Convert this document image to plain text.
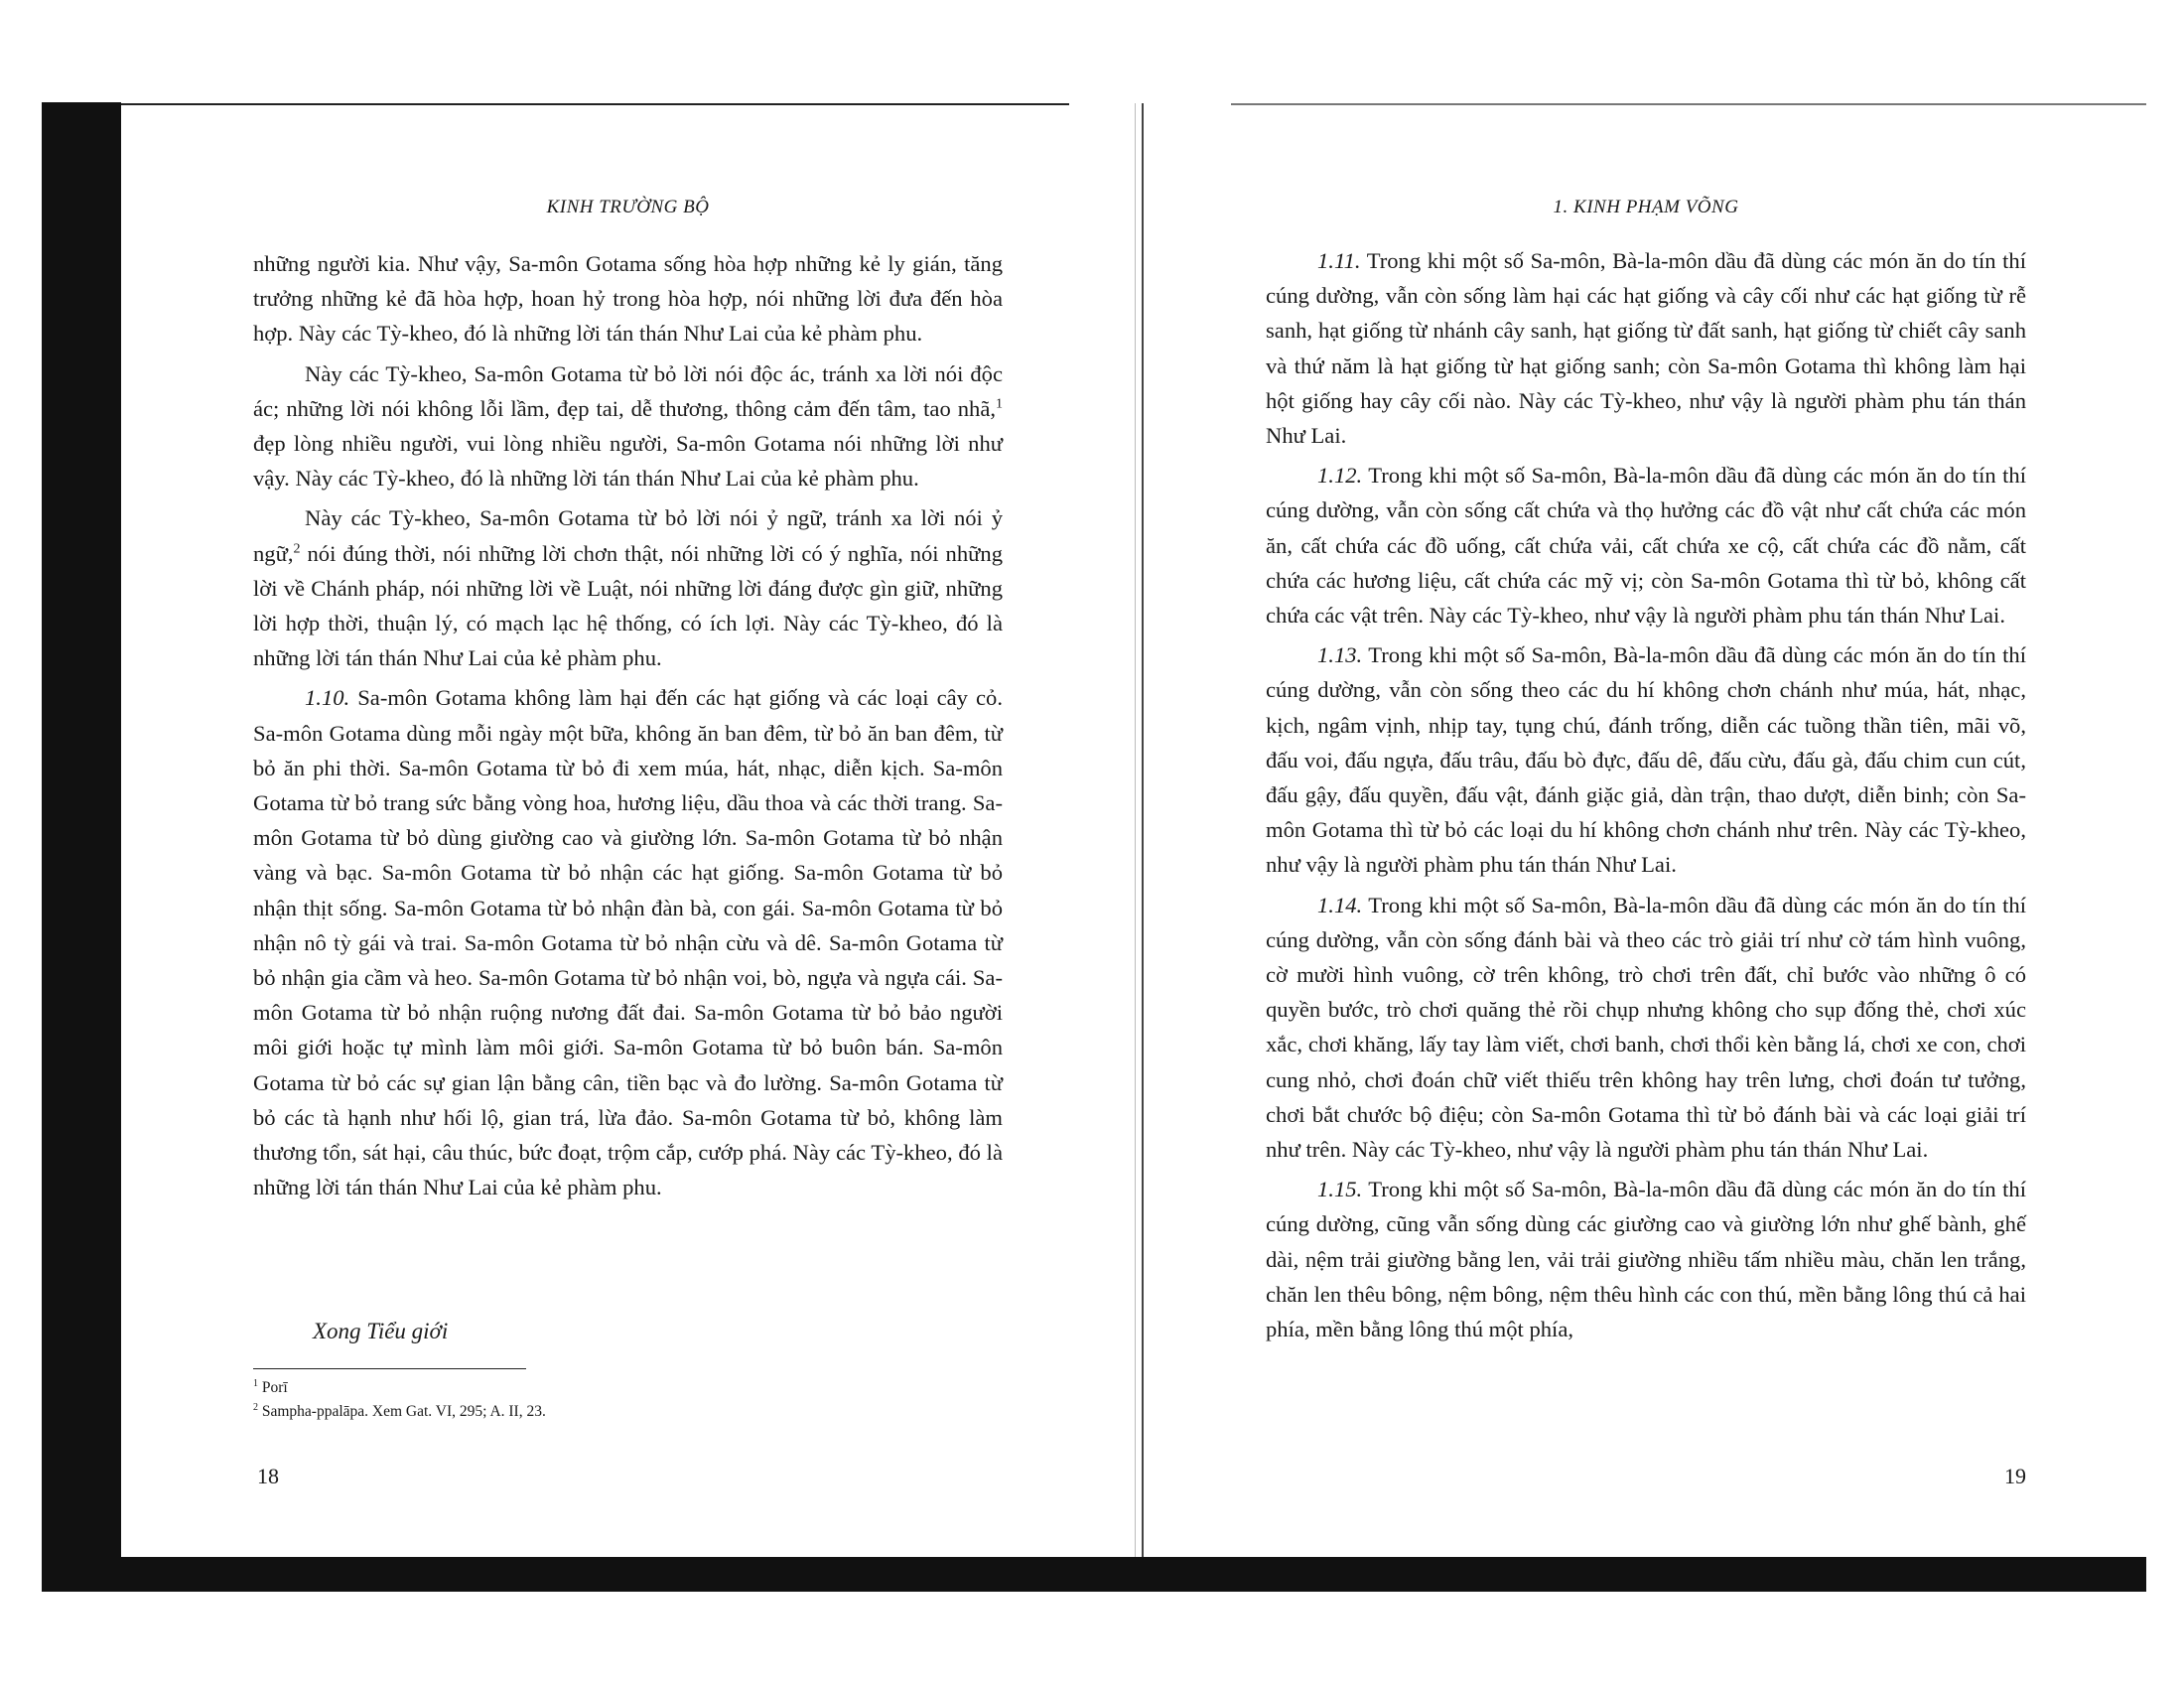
KINH TRƯỜNG BỘ

những người kia. Như vậy, Sa-môn Gotama sống hòa hợp những kẻ ly gián, tăng trưởng những kẻ đã hòa hợp, hoan hỷ trong hòa hợp, nói những lời đưa đến hòa hợp. Này các Tỳ-kheo, đó là những lời tán thán Như Lai của kẻ phàm phu.

Này các Tỳ-kheo, Sa-môn Gotama từ bỏ lời nói độc ác, tránh xa lời nói độc ác; những lời nói không lỗi lầm, đẹp tai, dễ thương, thông cảm đến tâm, tao nhã,$^1$ đẹp lòng nhiều người, vui lòng nhiều người, Sa-môn Gotama nói những lời như vậy. Này các Tỳ-kheo, đó là những lời tán thán Như Lai của kẻ phàm phu.

Này các Tỳ-kheo, Sa-môn Gotama từ bỏ lời nói ỷ ngữ, tránh xa lời nói ỷ ngữ,$^2$ nói đúng thời, nói những lời chơn thật, nói những lời có ý nghĩa, nói những lời về Chánh pháp, nói những lời về Luật, nói những lời đáng được gìn giữ, những lời hợp thời, thuận lý, có mạch lạc hệ thống, có ích lợi. Này các Tỳ-kheo, đó là những lời tán thán Như Lai của kẻ phàm phu.

1.10. Sa-môn Gotama không làm hại đến các hạt giống và các loại cây cỏ. Sa-môn Gotama dùng mỗi ngày một bữa, không ăn ban đêm, từ bỏ ăn ban đêm, từ bỏ ăn phi thời. Sa-môn Gotama từ bỏ đi xem múa, hát, nhạc, diễn kịch. Sa-môn Gotama từ bỏ trang sức bằng vòng hoa, hương liệu, dầu thoa và các thời trang. Sa-môn Gotama từ bỏ dùng giường cao và giường lớn. Sa-môn Gotama từ bỏ nhận vàng và bạc. Sa-môn Gotama từ bỏ nhận các hạt giống. Sa-môn Gotama từ bỏ nhận thịt sống. Sa-môn Gotama từ bỏ nhận đàn bà, con gái. Sa-môn Gotama từ bỏ nhận nô tỳ gái và trai. Sa-môn Gotama từ bỏ nhận cừu và dê. Sa-môn Gotama từ bỏ nhận gia cầm và heo. Sa-môn Gotama từ bỏ nhận voi, bò, ngựa và ngựa cái. Sa-môn Gotama từ bỏ nhận ruộng nương đất đai. Sa-môn Gotama từ bỏ bảo người môi giới hoặc tự mình làm môi giới. Sa-môn Gotama từ bỏ buôn bán. Sa-môn Gotama từ bỏ các sự gian lận bằng cân, tiền bạc và đo lường. Sa-môn Gotama từ bỏ các tà hạnh như hối lộ, gian trá, lừa đảo. Sa-môn Gotama từ bỏ, không làm thương tổn, sát hại, câu thúc, bức đoạt, trộm cắp, cướp phá. Này các Tỳ-kheo, đó là những lời tán thán Như Lai của kẻ phàm phu.

Xong Tiểu giới
$^1$ Porī
$^2$ Sampha-ppalāpa. Xem Gat. VI, 295; A. II, 23.
18
1. KINH PHẠM VÕNG

1.11. Trong khi một số Sa-môn, Bà-la-môn dầu đã dùng các món ăn do tín thí cúng dường, vẫn còn sống làm hại các hạt giống và cây cối như các hạt giống từ rễ sanh, hạt giống từ nhánh cây sanh, hạt giống từ đất sanh, hạt giống từ chiết cây sanh và thứ năm là hạt giống từ hạt giống sanh; còn Sa-môn Gotama thì không làm hại hột giống hay cây cối nào. Này các Tỳ-kheo, như vậy là người phàm phu tán thán Như Lai.

1.12. Trong khi một số Sa-môn, Bà-la-môn dầu đã dùng các món ăn do tín thí cúng dường, vẫn còn sống cất chứa và thọ hưởng các đồ vật như cất chứa các món ăn, cất chứa các đồ uống, cất chứa vải, cất chứa xe cộ, cất chứa các đồ nằm, cất chứa các hương liệu, cất chứa các mỹ vị; còn Sa-môn Gotama thì từ bỏ, không cất chứa các vật trên. Này các Tỳ-kheo, như vậy là người phàm phu tán thán Như Lai.

1.13. Trong khi một số Sa-môn, Bà-la-môn dầu đã dùng các món ăn do tín thí cúng dường, vẫn còn sống theo các du hí không chơn chánh như múa, hát, nhạc, kịch, ngâm vịnh, nhịp tay, tụng chú, đánh trống, diễn các tuồng thần tiên, mãi võ, đấu voi, đấu ngựa, đấu trâu, đấu bò đực, đấu dê, đấu cừu, đấu gà, đấu chim cun cút, đấu gậy, đấu quyền, đấu vật, đánh giặc giả, dàn trận, thao dượt, diễn binh; còn Sa-môn Gotama thì từ bỏ các loại du hí không chơn chánh như trên. Này các Tỳ-kheo, như vậy là người phàm phu tán thán Như Lai.

1.14. Trong khi một số Sa-môn, Bà-la-môn dầu đã dùng các món ăn do tín thí cúng dường, vẫn còn sống đánh bài và theo các trò giải trí như cờ tám hình vuông, cờ mười hình vuông, cờ trên không, trò chơi trên đất, chỉ bước vào những ô có quyền bước, trò chơi quăng thẻ rồi chụp nhưng không cho sụp đống thẻ, chơi xúc xắc, chơi khăng, lấy tay làm viết, chơi banh, chơi thổi kèn bằng lá, chơi xe con, chơi cung nhỏ, chơi đoán chữ viết thiếu trên không hay trên lưng, chơi đoán tư tưởng, chơi bắt chước bộ điệu; còn Sa-môn Gotama thì từ bỏ đánh bài và các loại giải trí như trên. Này các Tỳ-kheo, như vậy là người phàm phu tán thán Như Lai.

1.15. Trong khi một số Sa-môn, Bà-la-môn dầu đã dùng các món ăn do tín thí cúng dường, cũng vẫn sống dùng các giường cao và giường lớn như ghế bành, ghế dài, nệm trải giường bằng len, vải trải giường nhiều tấm nhiều màu, chăn len trắng, chăn len thêu bông, nệm bông, nệm thêu hình các con thú, mền bằng lông thú cả hai phía, mền bằng lông thú một phía,

19
